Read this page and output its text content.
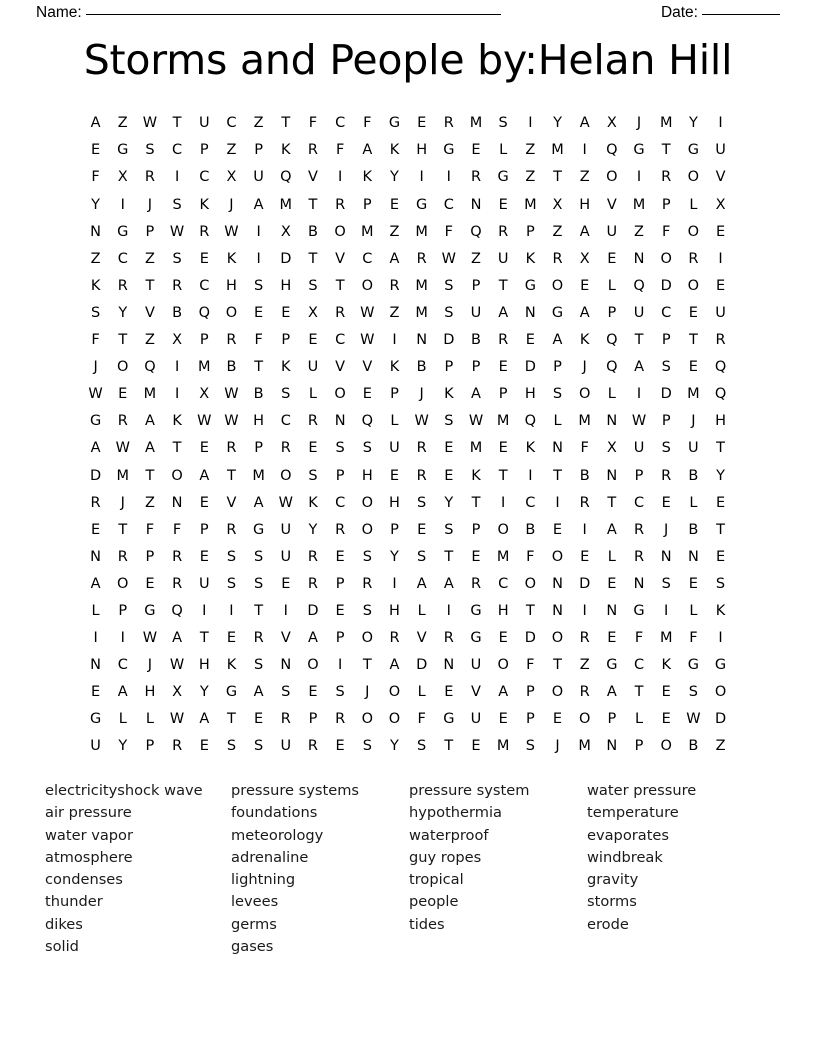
Name:	Date:
Storms and People by:Helan Hill
A	Z	W	T	U	C	Z	T	F	C	F	G	E	R	M	S	I	Y	A	X	J	M	Y	I
E	G	S	C	P	Z	P	K	R	F	A	K	H	G	E	L	Z	M	I	Q	G	T	G	U
F	X	R	I	C	X	U	Q	V	I	K	Y	I	I	R	G	Z	T	Z	O	I	R	O	V
Y	I	J	S	K	J	A	M	T	R	P	E	G	C	N	E	M	X	H	V	M	P	L	X
N	G	P	W	R	W	I	X	B	O	M	Z	M	F	Q	R	P	Z	A	U	Z	F	O	E
Z	C	Z	S	E	K	I	D	T	V	C	A	R	W	Z	U	K	R	X	E	N	O	R	I
K	R	T	R	C	H	S	H	S	T	O	R	M	S	P	T	G	O	E	L	Q	D	O	E
S	Y	V	B	Q	O	E	E	X	R	W	Z	M	S	U	A	N	G	A	P	U	C	E	U
F	T	Z	X	P	R	F	P	E	C	W	I	N	D	B	R	E	A	K	Q	T	P	T	R
J	O	Q	I	M	B	T	K	U	V	V	K	B	P	P	E	D	P	J	Q	A	S	E	Q
W	E	M	I	X	W	B	S	L	O	E	P	J	K	A	P	H	S	O	L	I	D	M	Q
G	R	A	K	W W	H	C	R	N	Q	L	W	S	W M	Q	L	M	N	W	P	J	H
A	W	A	T	E	R	P	R	E	S	S	U	R	E	M	E	K	N	F	X	U	S	U	T
D	M	T	O	A	T	M	O	S	P	H	E	R	E	K	T	I	T	B	N	P	R	B	Y
R	J	Z	N	E	V	A	W	K	C	O	H	S	Y	T	I	C	I	R	T	C	E	L	E
E	T	F	F	P	R	G	U	Y	R	O	P	E	S	P	O	B	E	I	A	R	J	B	T
N	R	P	R	E	S	S	U	R	E	S	Y	S	T	E	M	F	O	E	L	R	N	N	E
A	O	E	R	U	S	S	E	R	P	R	I	A	A	R	C	O	N	D	E	N	S	E	S
L	P	G	Q	I	I	T	I	D	E	S	H	L	I	G	H	T	N	I	N	G	I	L	K
I	I	W	A	T	E	R	V	A	P	O	R	V	R	G	E	D	O	R	E	F	M	F	I
N	C	J	W	H	K	S	N	O	I	T	A	D	N	U	O	F	T	Z	G	C	K	G	G
E	A	H	X	Y	G	A	S	E	S	J	O	L	E	V	A	P	O	R	A	T	E	S	O
G	L	L	W	A	T	E	R	P	R	O	O	F	G	U	E	P	E	O	P	L	E	W D
U	Y	P	R	E	S	S	U	R	E	S	Y	S	T	E	M	S	J	M	N	P	O	B	Z
electricityshock wave
air pressure
water vapor
atmosphere
condenses
thunder
dikes
solid
pressure systems
foundations
meteorology
adrenaline
lightning
levees
germs
gases
pressure system
hypothermia
waterproof
guy ropes
tropical
people
tides
water pressure
temperature
evaporates
windbreak
gravity
storms
erode
